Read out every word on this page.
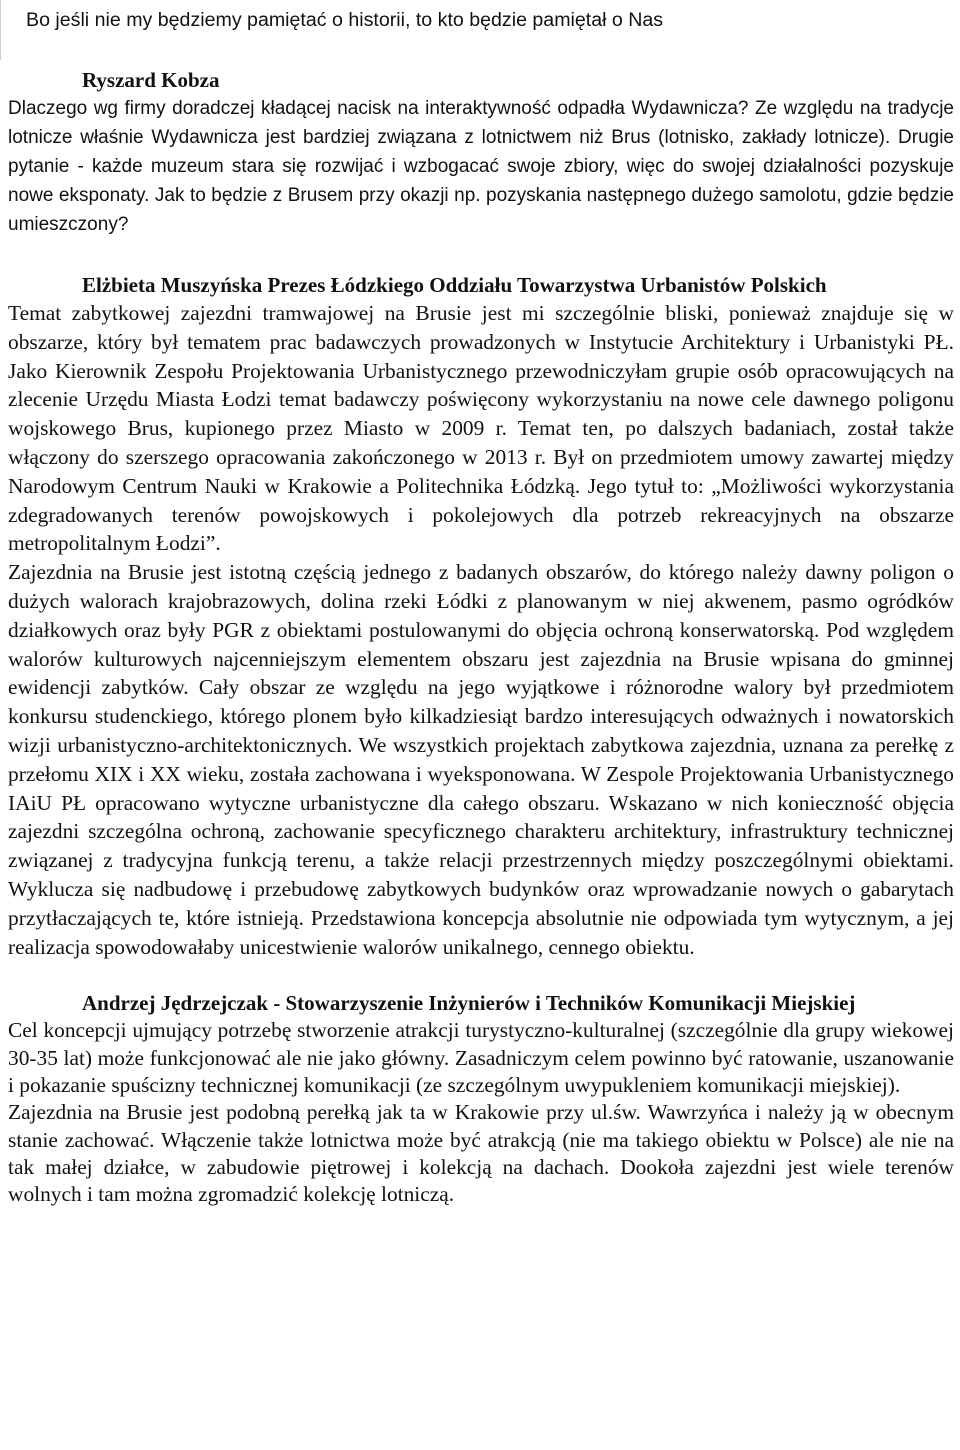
Bo jeśli nie my będziemy pamiętać o historii, to kto będzie pamiętał o Nas

Ryszard Kobza

Dlaczego wg firmy doradczej kładącej nacisk na interaktywność odpadła Wydawnicza? Ze względu na tradycje lotnicze właśnie Wydawnicza jest bardziej związana z lotnictwem niż Brus (lotnisko, zakłady lotnicze). Drugie pytanie - każde muzeum stara się rozwijać i wzbogacać swoje zbiory, więc do swojej działalności pozyskuje nowe eksponaty. Jak to będzie z Brusem przy okazji np. pozyskania następnego dużego samolotu, gdzie będzie umieszczony?

Elżbieta Muszyńska Prezes Łódzkiego Oddziału Towarzystwa Urbanistów Polskich

Temat zabytkowej zajezdni tramwajowej na Brusie jest mi szczególnie bliski, ponieważ znajduje się w obszarze, który był tematem prac badawczych prowadzonych w Instytucie Architektury i Urbanistyki PŁ. Jako Kierownik Zespołu Projektowania Urbanistycznego przewodniczyłam grupie osób opracowujących na zlecenie Urzędu Miasta Łodzi temat badawczy poświęcony wykorzystaniu na nowe cele dawnego poligonu wojskowego Brus, kupionego przez Miasto w 2009 r. Temat ten, po dalszych badaniach, został także włączony do szerszego opracowania zakończonego w 2013 r. Był on przedmiotem umowy zawartej między Narodowym Centrum Nauki w Krakowie a Politechnika Łódzką. Jego tytuł to: „Możliwości wykorzystania zdegradowanych terenów powojskowych i pokolejowych dla potrzeb rekreacyjnych na obszarze metropolitalnym Łodzi”.

Zajezdnia na Brusie jest istotną częścią jednego z badanych obszarów, do którego należy dawny poligon o dużych walorach krajobrazowych, dolina rzeki Łódki z planowanym w niej akwenem, pasmo ogródków działkowych oraz były PGR z obiektami postulowanymi do objęcia ochroną konserwatorską. Pod względem walorów kulturowych najcenniejszym elementem obszaru jest zajezdnia na Brusie wpisana do gminnej ewidencji zabytków. Cały obszar ze względu na jego wyjątkowe i różnorodne walory był przedmiotem konkursu studenckiego, którego plonem było kilkadziesiąt bardzo interesujących odważnych i nowatorskich wizji urbanistyczno-architektonicznych. We wszystkich projektach zabytkowa zajezdnia, uznana za perełkę z przełomu XIX i XX wieku, została zachowana i wyeksponowana. W Zespole Projektowania Urbanistycznego IAiU PŁ opracowano wytyczne urbanistyczne dla całego obszaru. Wskazano w nich konieczność objęcia zajezdni szczególna ochroną, zachowanie specyficznego charakteru architektury, infrastruktury technicznej związanej z tradycyjna funkcją terenu, a także relacji przestrzennych między poszczególnymi obiektami. Wyklucza się nadbudowę i przebudowę zabytkowych budynków oraz wprowadzanie nowych o gabarytach przytłaczających te, które istnieją. Przedstawiona koncepcja absolutnie nie odpowiada tym wytycznym, a jej realizacja spowodowałaby unicestwienie walorów unikalnego, cennego obiektu.

Andrzej Jędrzejczak - Stowarzyszenie Inżynierów i Techników Komunikacji Miejskiej

Cel koncepcji ujmujący potrzebę stworzenie atrakcji turystyczno-kulturalnej (szczególnie dla grupy wiekowej 30-35 lat) może funkcjonować ale nie jako główny. Zasadniczym celem powinno być ratowanie, uszanowanie i pokazanie spuścizny technicznej komunikacji (ze szczególnym uwypukleniem komunikacji miejskiej).

Zajezdnia na Brusie jest podobną perełką jak ta w Krakowie przy ul.św. Wawrzyńca i należy ją w obecnym stanie zachować. Włączenie także lotnictwa może być atrakcją (nie ma takiego obiektu w Polsce) ale nie na tak małej działce, w zabudowie piętrowej i kolekcją na dachach. Dookoła zajezdni jest wiele terenów wolnych i tam można zgromadzić kolekcję lotniczą.
